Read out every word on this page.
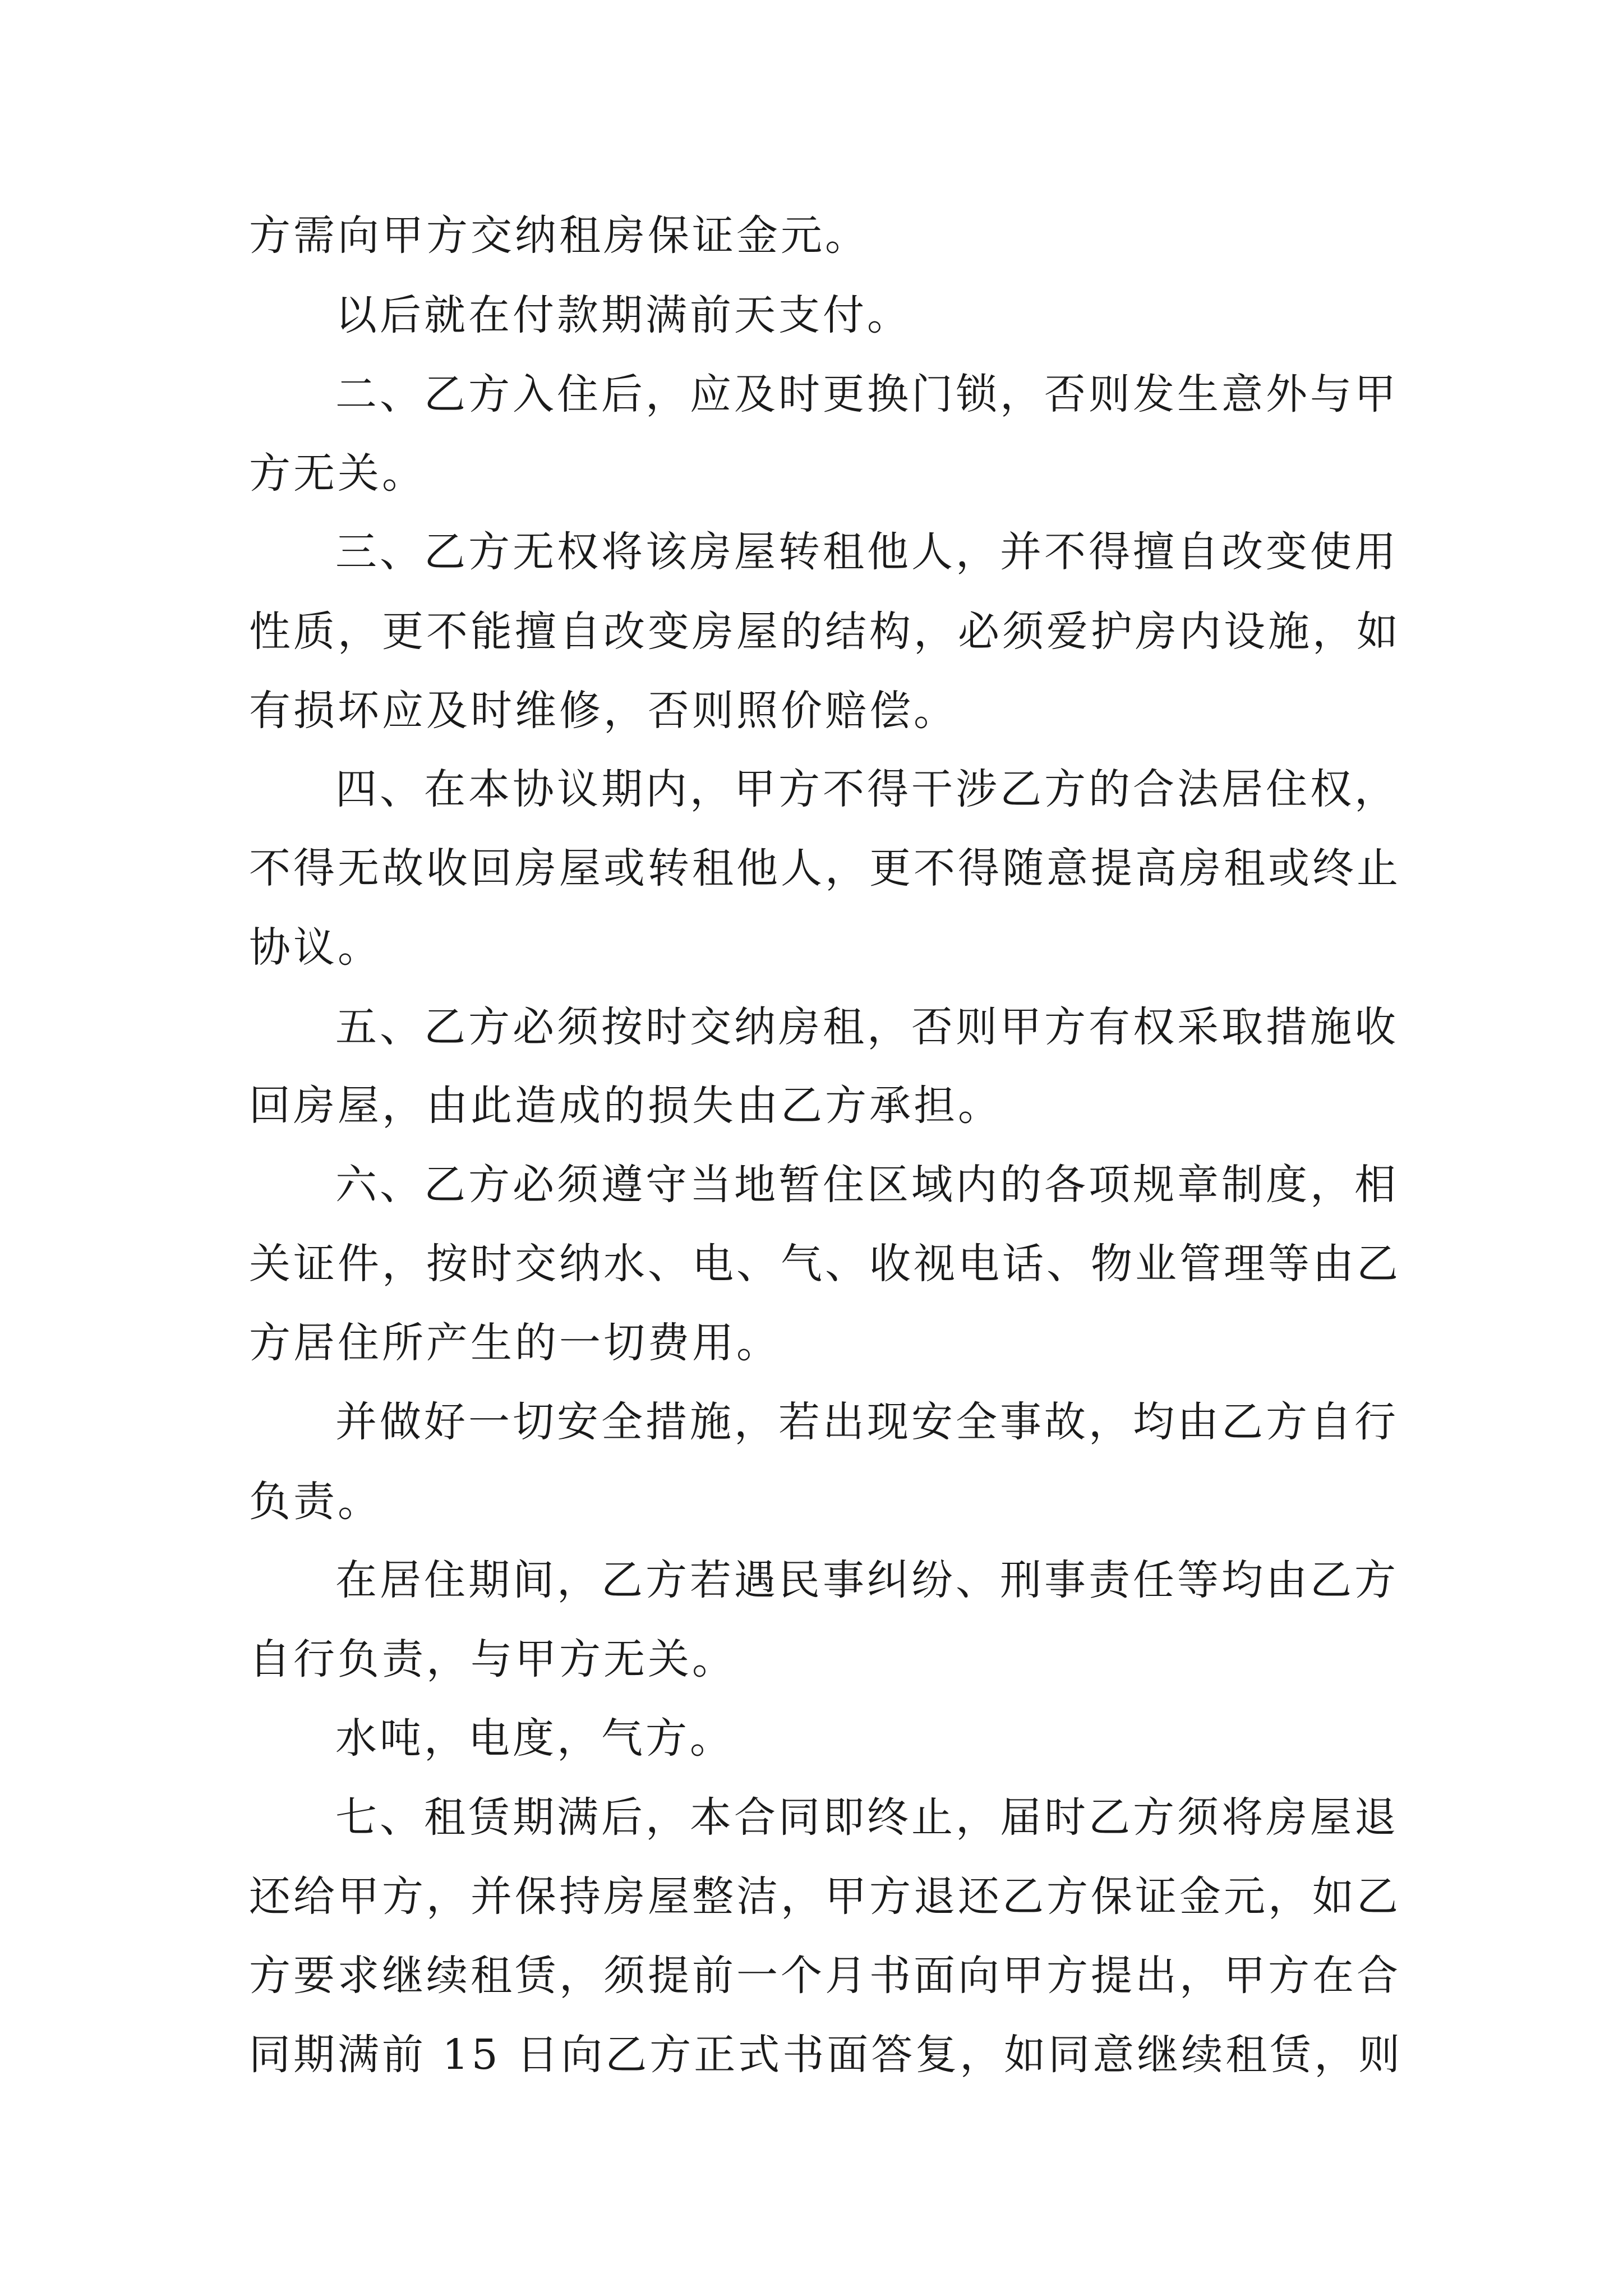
方需向甲方交纳租房保证金元。

以后就在付款期满前天支付。

二、乙方入住后，应及时更换门锁，否则发生意外与甲

方无关。

三、乙方无权将该房屋转租他人，并不得擅自改变使用

性质，更不能擅自改变房屋的结构，必须爱护房内设施，如

有损坏应及时维修，否则照价赔偿。

四、在本协议期内，甲方不得干涉乙方的合法居住权，

不得无故收回房屋或转租他人，更不得随意提高房租或终止

协议。

五、乙方必须按时交纳房租，否则甲方有权采取措施收

回房屋，由此造成的损失由乙方承担。

六、乙方必须遵守当地暂住区域内的各项规章制度，相

关证件，按时交纳水、电、气、收视电话、物业管理等由乙

方居住所产生的一切费用。

并做好一切安全措施，若出现安全事故，均由乙方自行

负责。

在居住期间，乙方若遇民事纠纷、刑事责任等均由乙方

自行负责，与甲方无关。

水吨，电度，气方。

七、租赁期满后，本合同即终止，届时乙方须将房屋退

还给甲方，并保持房屋整洁，甲方退还乙方保证金元，如乙

方要求继续租赁，须提前一个月书面向甲方提出，甲方在合

同期满前 15 日向乙方正式书面答复，如同意继续租赁，则
